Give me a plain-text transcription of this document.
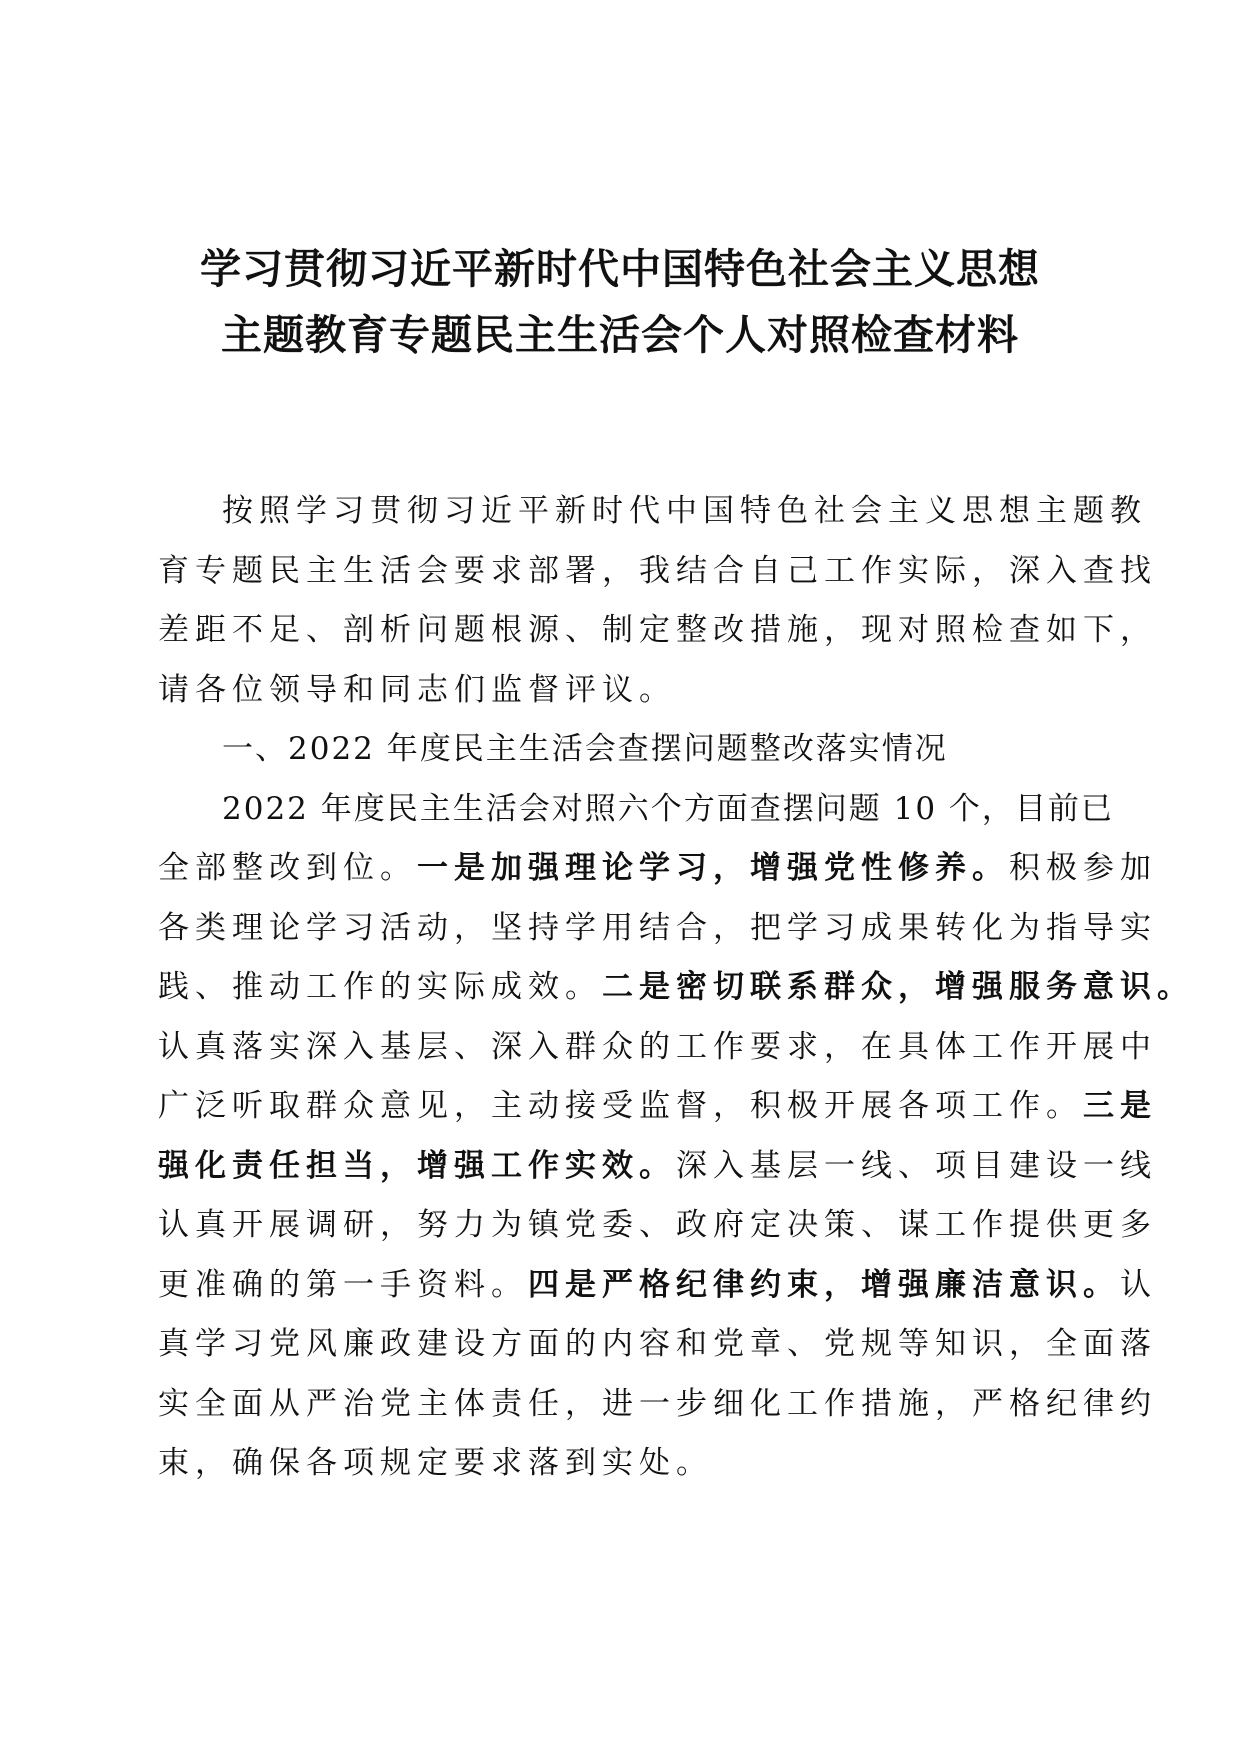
学习贯彻习近平新时代中国特色社会主义思想
主题教育专题民主生活会个人对照检查材料
按照学习贯彻习近平新时代中国特色社会主义思想主题教
育专题民主生活会要求部署，我结合自己工作实际，深入查找
差距不足、剖析问题根源、制定整改措施，现对照检查如下，
请各位领导和同志们监督评议。
一、2022 年度民主生活会查摆问题整改落实情况
2022 年度民主生活会对照六个方面查摆问题 10 个，目前已
全部整改到位。一是加强理论学习，增强党性修养。积极参加
各类理论学习活动，坚持学用结合，把学习成果转化为指导实
践、推动工作的实际成效。二是密切联系群众，增强服务意识。
认真落实深入基层、深入群众的工作要求，在具体工作开展中
广泛听取群众意见，主动接受监督，积极开展各项工作。三是
强化责任担当，增强工作实效。深入基层一线、项目建设一线
认真开展调研，努力为镇党委、政府定决策、谋工作提供更多
更准确的第一手资料。四是严格纪律约束，增强廉洁意识。认
真学习党风廉政建设方面的内容和党章、党规等知识，全面落
实全面从严治党主体责任，进一步细化工作措施，严格纪律约
束，确保各项规定要求落到实处。
